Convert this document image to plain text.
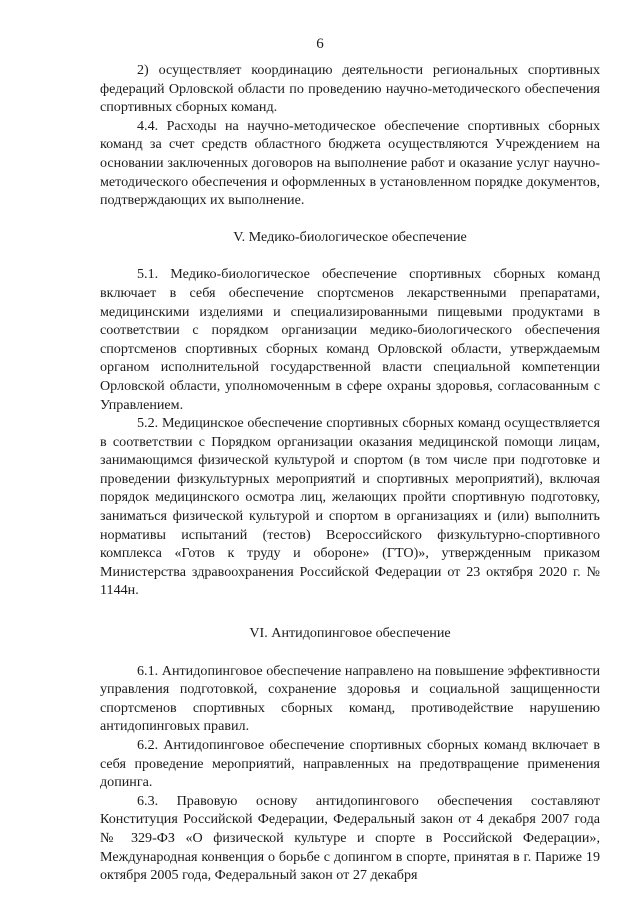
6

2) осуществляет координацию деятельности региональных спортивных федераций Орловской области по проведению научно-методического обеспечения спортивных сборных команд.

4.4. Расходы на научно-методическое обеспечение спортивных сборных команд за счет средств областного бюджета осуществляются Учреждением на основании заключенных договоров на выполнение работ и оказание услуг научно-методического обеспечения и оформленных в установленном порядке документов, подтверждающих их выполнение.

V. Медико-биологическое обеспечение

5.1. Медико-биологическое обеспечение спортивных сборных команд включает в себя обеспечение спортсменов лекарственными препаратами, медицинскими изделиями и специализированными пищевыми продуктами в соответствии с порядком организации медико-биологического обеспечения спортсменов спортивных сборных команд Орловской области, утверждаемым органом исполнительной государственной власти специальной компетенции Орловской области, уполномоченным в сфере охраны здоровья, согласованным с Управлением.

5.2. Медицинское обеспечение спортивных сборных команд осуществляется в соответствии с Порядком организации оказания медицинской помощи лицам, занимающимся физической культурой и спортом (в том числе при подготовке и проведении физкультурных мероприятий и спортивных мероприятий), включая порядок медицинского осмотра лиц, желающих пройти спортивную подготовку, заниматься физической культурой и спортом в организациях и (или) выполнить нормативы испытаний (тестов) Всероссийского физкультурно-спортивного комплекса «Готов к труду и обороне» (ГТО)», утвержденным приказом Министерства здравоохранения Российской Федерации от 23 октября 2020 г. № 1144н.

VI. Антидопинговое обеспечение

6.1. Антидопинговое обеспечение направлено на повышение эффективности управления подготовкой, сохранение здоровья и социальной защищенности спортсменов спортивных сборных команд, противодействие нарушению антидопинговых правил.

6.2. Антидопинговое обеспечение спортивных сборных команд включает в себя проведение мероприятий, направленных на предотвращение применения допинга.

6.3. Правовую основу антидопингового обеспечения составляют Конституция Российской Федерации, Федеральный закон от 4 декабря 2007 года № 329-ФЗ «О физической культуре и спорте в Российской Федерации», Международная конвенция о борьбе с допингом в спорте, принятая в г. Париже 19 октября 2005 года, Федеральный закон от 27 декабря
